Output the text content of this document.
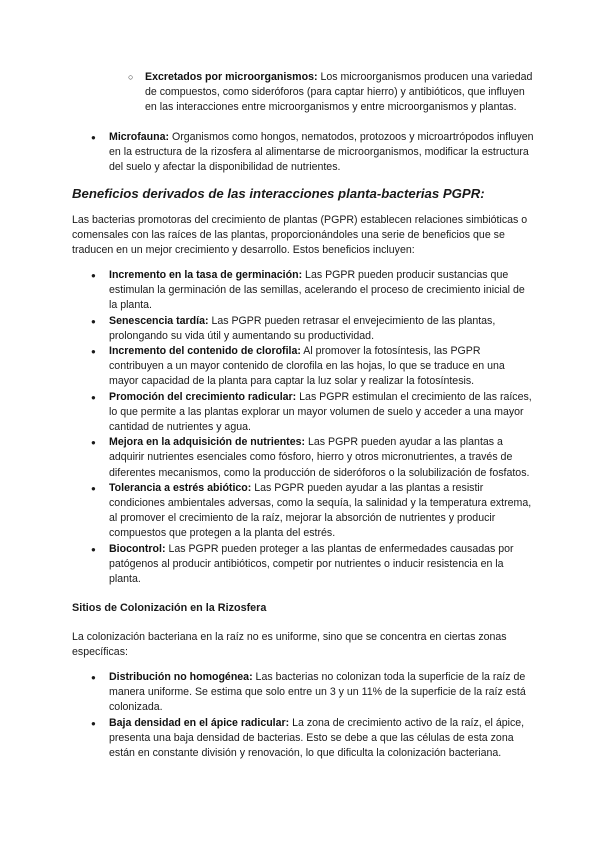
○ Excretados por microorganismos: Los microorganismos producen una variedad de compuestos, como sideróforos (para captar hierro) y antibióticos, que influyen en las interacciones entre microorganismos y entre microorganismos y plantas.
● Microfauna: Organismos como hongos, nematodos, protozoos y microartrópodos influyen en la estructura de la rizosfera al alimentarse de microorganismos, modificar la estructura del suelo y afectar la disponibilidad de nutrientes.
Beneficios derivados de las interacciones planta-bacterias PGPR:

Las bacterias promotoras del crecimiento de plantas (PGPR) establecen relaciones simbióticas o comensales con las raíces de las plantas, proporcionándoles una serie de beneficios que se traducen en un mejor crecimiento y desarrollo. Estos beneficios incluyen:

● Incremento en la tasa de germinación: Las PGPR pueden producir sustancias que estimulan la germinación de las semillas, acelerando el proceso de crecimiento inicial de la planta.
● Senescencia tardía: Las PGPR pueden retrasar el envejecimiento de las plantas, prolongando su vida útil y aumentando su productividad.
● Incremento del contenido de clorofila: Al promover la fotosíntesis, las PGPR contribuyen a un mayor contenido de clorofila en las hojas, lo que se traduce en una mayor capacidad de la planta para captar la luz solar y realizar la fotosíntesis.
● Promoción del crecimiento radicular: Las PGPR estimulan el crecimiento de las raíces, lo que permite a las plantas explorar un mayor volumen de suelo y acceder a una mayor cantidad de nutrientes y agua.
● Mejora en la adquisición de nutrientes: Las PGPR pueden ayudar a las plantas a adquirir nutrientes esenciales como fósforo, hierro y otros micronutrientes, a través de diferentes mecanismos, como la producción de sideróforos o la solubilización de fosfatos.
● Tolerancia a estrés abiótico: Las PGPR pueden ayudar a las plantas a resistir condiciones ambientales adversas, como la sequía, la salinidad y la temperatura extrema, al promover el crecimiento de la raíz, mejorar la absorción de nutrientes y producir compuestos que protegen a la planta del estrés.
● Biocontrol: Las PGPR pueden proteger a las plantas de enfermedades causadas por patógenos al producir antibióticos, competir por nutrientes o inducir resistencia en la planta.
Sitios de Colonización en la Rizosfera

La colonización bacteriana en la raíz no es uniforme, sino que se concentra en ciertas zonas específicas:

● Distribución no homogénea: Las bacterias no colonizan toda la superficie de la raíz de manera uniforme. Se estima que solo entre un 3 y un 11% de la superficie de la raíz está colonizada.
● Baja densidad en el ápice radicular: La zona de crecimiento activo de la raíz, el ápice, presenta una baja densidad de bacterias. Esto se debe a que las células de esta zona están en constante división y renovación, lo que dificulta la colonización bacteriana.
